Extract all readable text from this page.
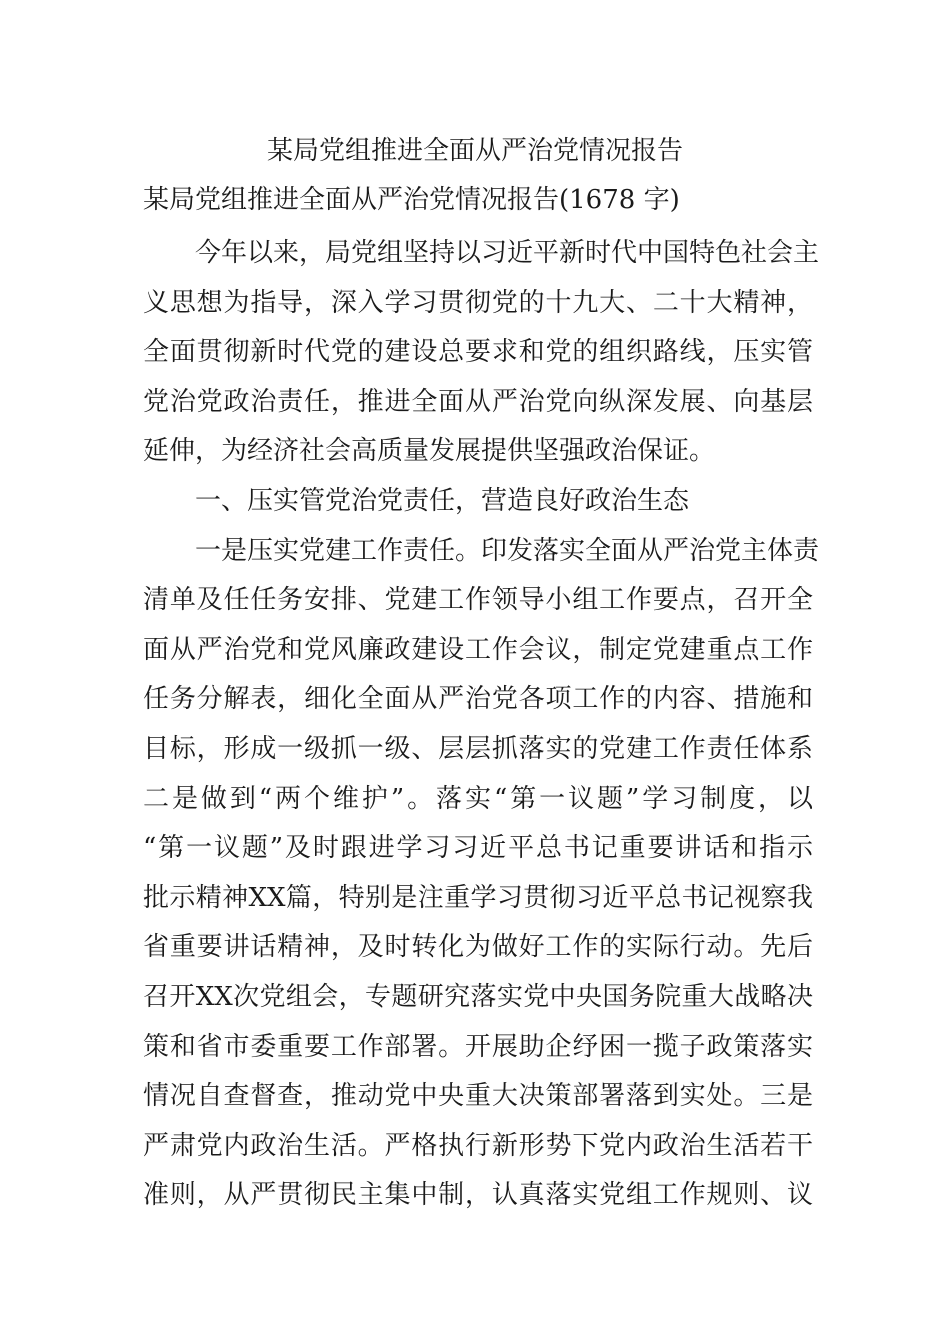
某局党组推进全面从严治党情况报告
某局党组推进全面从严治党情况报告(1678 字)
今年以来，局党组坚持以习近平新时代中国特色社会主
义思想为指导，深入学习贯彻党的十九大、二十大精神，
全面贯彻新时代党的建设总要求和党的组织路线，压实管
党治党政治责任，推进全面从严治党向纵深发展、向基层
延伸，为经济社会高质量发展提供坚强政治保证。
一、压实管党治党责任，营造良好政治生态
一是压实党建工作责任。印发落实全面从严治党主体责
清单及任任务安排、党建工作领导小组工作要点，召开全
面从严治党和党风廉政建设工作会议，制定党建重点工作
任务分解表，细化全面从严治党各项工作的内容、措施和
目标，形成一级抓一级、层层抓落实的党建工作责任体系
二是做到“两个维护”。落实“第一议题”学习制度，以
“第一议题”及时跟进学习习近平总书记重要讲话和指示
批示精神XX篇，特别是注重学习贯彻习近平总书记视察我
省重要讲话精神，及时转化为做好工作的实际行动。先后
召开XX次党组会，专题研究落实党中央国务院重大战略决
策和省市委重要工作部署。开展助企纾困一揽子政策落实
情况自查督查，推动党中央重大决策部署落到实处。三是
严肃党内政治生活。严格执行新形势下党内政治生活若干
准则，从严贯彻民主集中制，认真落实党组工作规则、议
